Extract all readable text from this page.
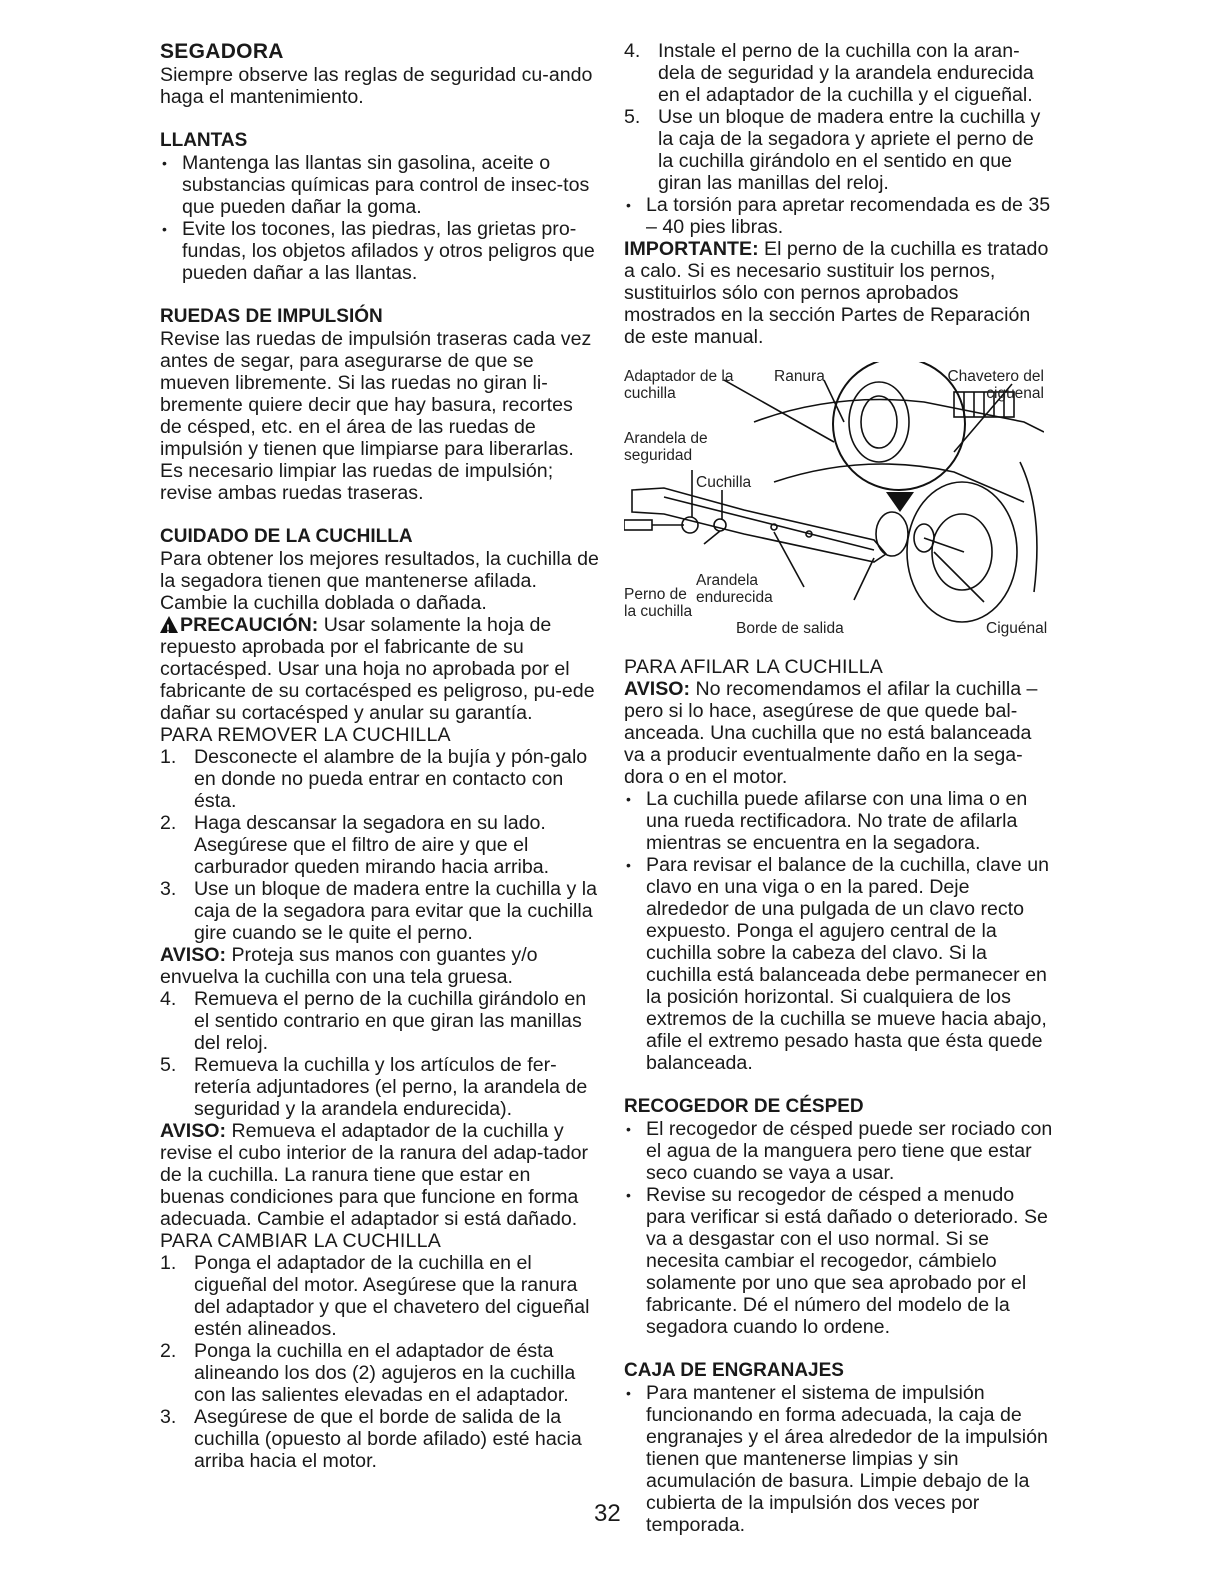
SEGADORA

Siempre observe las reglas de seguridad cu-ando haga el mantenimiento.

LLANTAS

• Mantenga las llantas sin gasolina, aceite o substancias químicas para control de insec-tos que pueden dañar la goma.

• Evite los tocones, las piedras, las grietas pro-fundas, los objetos afilados y otros peligros que pueden dañar a las llantas.

RUEDAS DE IMPULSIÓN

Revise las ruedas de impulsión traseras cada vez antes de segar, para asegurarse de que se mueven libremente. Si las ruedas no giran li-bremente quiere decir que hay basura, recortes de césped, etc. en el área de las ruedas de impulsión y tienen que limpiarse para liberarlas. Es necesario limpiar las ruedas de impulsión; revise ambas ruedas traseras.

CUIDADO DE LA CUCHILLA

Para obtener los mejores resultados, la cuchilla de la segadora tienen que mantenerse afilada. Cambie la cuchilla doblada o dañada.

!PRECAUCIÓN: Usar solamente la hoja de repuesto aprobada por el fabricante de su cortacésped. Usar una hoja no aprobada por el fabricante de su cortacésped es peligroso, pu-ede dañar su cortacésped y anular su garantía.

PARA REMOVER LA CUCHILLA

1. Desconecte el alambre de la bujía y pón-galo en donde no pueda entrar en contacto con ésta.
2. Haga descansar la segadora en su lado. Asegúrese que el filtro de aire y que el carburador queden mirando hacia arriba.
3. Use un bloque de madera entre la cuchilla y la caja de la segadora para evitar que la cuchilla gire cuando se le quite el perno.

AVISO: Proteja sus manos con guantes y/o envuelva la cuchilla con una tela gruesa.

4. Remueva el perno de la cuchilla girándolo en el sentido contrario en que giran las manillas del reloj.
5. Remueva la cuchilla y los artículos de fer-retería adjuntadores (el perno, la arandela de seguridad y la arandela endurecida).

AVISO: Remueva el adaptador de la cuchilla y revise el cubo interior de la ranura del adap-tador de la cuchilla. La ranura tiene que estar en buenas condiciones para que funcione en forma adecuada. Cambie el adaptador si está dañado.

PARA CAMBIAR LA CUCHILLA

1. Ponga el adaptador de la cuchilla en el cigueñal del motor. Asegúrese que la ranura del adaptador y que el chavetero del cigueñal estén alineados.
2. Ponga la cuchilla en el adaptador de ésta alineando los dos (2) agujeros en la cuchilla con las salientes elevadas en el adaptador.
3. Asegúrese de que el borde de salida de la cuchilla (opuesto al borde afilado) esté hacia arriba hacia el motor.
4. Instale el perno de la cuchilla con la aran-dela de seguridad y la arandela endurecida en el adaptador de la cuchilla y el cigueñal.
5. Use un bloque de madera entre la cuchilla y la caja de la segadora y apriete el perno de la cuchilla girándolo en el sentido en que giran las manillas del reloj.

• La torsión para apretar recomendada es de 35 – 40 pies libras.

IMPORTANTE: El perno de la cuchilla es tratado a calo. Si es necesario sustituir los pernos, sustituirlos sólo con pernos aprobados mostrados en la sección Partes de Reparación de este manual.

Adaptador de la cuchilla
Ranura	Chavetero del ciguenal
Arandela de seguridad
Cuchilla
Perno de la cuchilla
Arandela endurecida
Borde de salida	Ciguénal

PARA AFILAR LA CUCHILLA

AVISO: No recomendamos el afilar la cuchilla – pero si lo hace, asegúrese de que quede bal-anceada. Una cuchilla que no está balanceada va a producir eventualmente daño en la sega-dora o en el motor.

• La cuchilla puede afilarse con una lima o en una rueda rectificadora. No trate de afilarla mientras se encuentra en la segadora.

• Para revisar el balance de la cuchilla, clave un clavo en una viga o en la pared. Deje alrededor de una pulgada de un clavo recto expuesto. Ponga el agujero central de la cuchilla sobre la cabeza del clavo. Si la cuchilla está balanceada debe permanecer en la posición horizontal. Si cualquiera de los extremos de la cuchilla se mueve hacia abajo, afile el extremo pesado hasta que ésta quede balanceada.

RECOGEDOR DE CÉSPED

• El recogedor de césped puede ser rociado con el agua de la manguera pero tiene que estar seco cuando se vaya a usar.

• Revise su recogedor de césped a menudo para verificar si está dañado o deteriorado. Se va a desgastar con el uso normal. Si se necesita cambiar el recogedor, cámbielo solamente por uno que sea aprobado por el fabricante. Dé el número del modelo de la segadora cuando lo ordene.

CAJA DE ENGRANAJES

• Para mantener el sistema de impulsión funcionando en forma adecuada, la caja de engranajes y el área alrededor de la impulsión tienen que mantenerse limpias y sin acumulación de basura. Limpie debajo de la cubierta de la impulsión dos veces por temporada.

32
